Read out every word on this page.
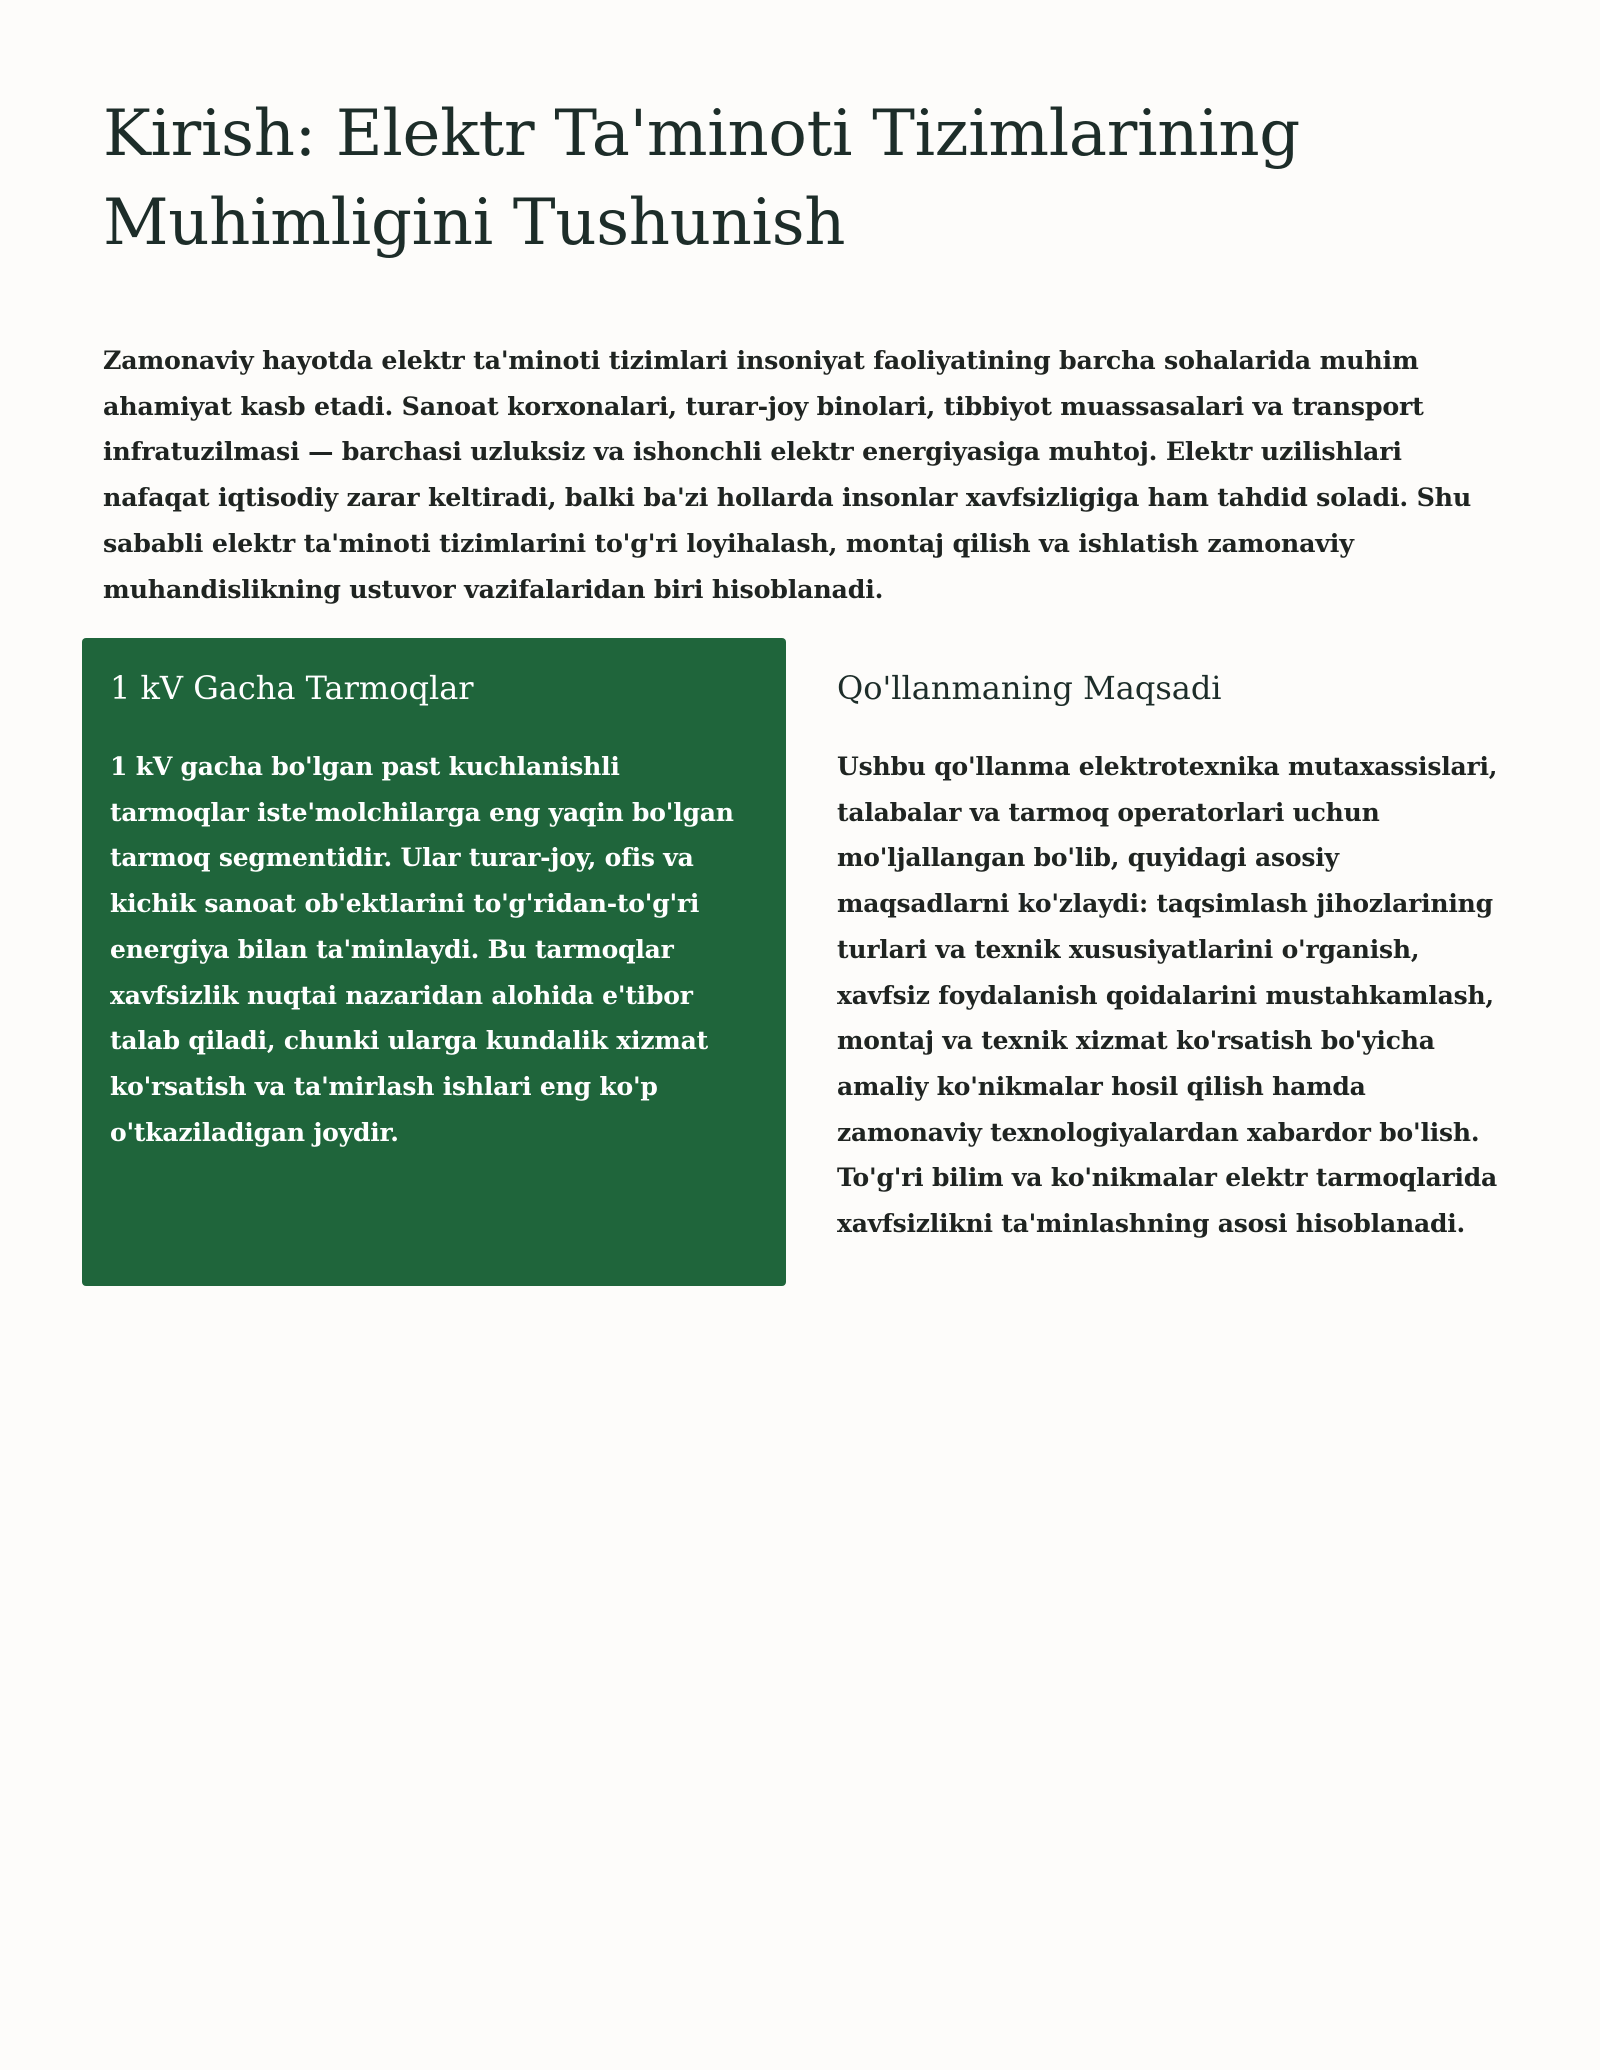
Kirish: Elektr Ta'minoti Tizimlarining Muhimligini Tushunish

Zamonaviy hayotda elektr ta'minoti tizimlari insoniyat faoliyatining barcha sohalarida muhim ahamiyat kasb etadi. Sanoat korxonalari, turar-joy binolari, tibbiyot muassasalari va transport infratuzilmasi — barchasi uzluksiz va ishonchli elektr energiyasiga muhtoj. Elektr uzilishlari nafaqat iqtisodiy zarar keltiradi, balki ba'zi hollarda insonlar xavfsizligiga ham tahdid soladi. Shu sababli elektr ta'minoti tizimlarini to'g'ri loyihalash, montaj qilish va ishlatish zamonaviy muhandislikning ustuvor vazifalaridan biri hisoblanadi.

1 kV Gacha Tarmoqlar

1 kV gacha bo'lgan past kuchlanishli tarmoqlar iste'molchilarga eng yaqin bo'lgan tarmoq segmentidir. Ular turar-joy, ofis va kichik sanoat ob'ektlarini to'g'ridan-to'g'ri energiya bilan ta'minlaydi. Bu tarmoqlar xavfsizlik nuqtai nazaridan alohida e'tibor talab qiladi, chunki ularga kundalik xizmat ko'rsatish va ta'mirlash ishlari eng ko'p o'tkaziladigan joydir.

Qo'llanmaning Maqsadi

Ushbu qo'llanma elektrotexnika mutaxassislari, talabalar va tarmoq operatorlari uchun mo'ljallangan bo'lib, quyidagi asosiy maqsadlarni ko'zlaydi: taqsimlash jihozlarining turlari va texnik xususiyatlarini o'rganish, xavfsiz foydalanish qoidalarini mustahkamlash, montaj va texnik xizmat ko'rsatish bo'yicha amaliy ko'nikmalar hosil qilish hamda zamonaviy texnologiyalardan xabardor bo'lish. To'g'ri bilim va ko'nikmalar elektr tarmoqlarida xavfsizlikni ta'minlashning asosi hisoblanadi.
